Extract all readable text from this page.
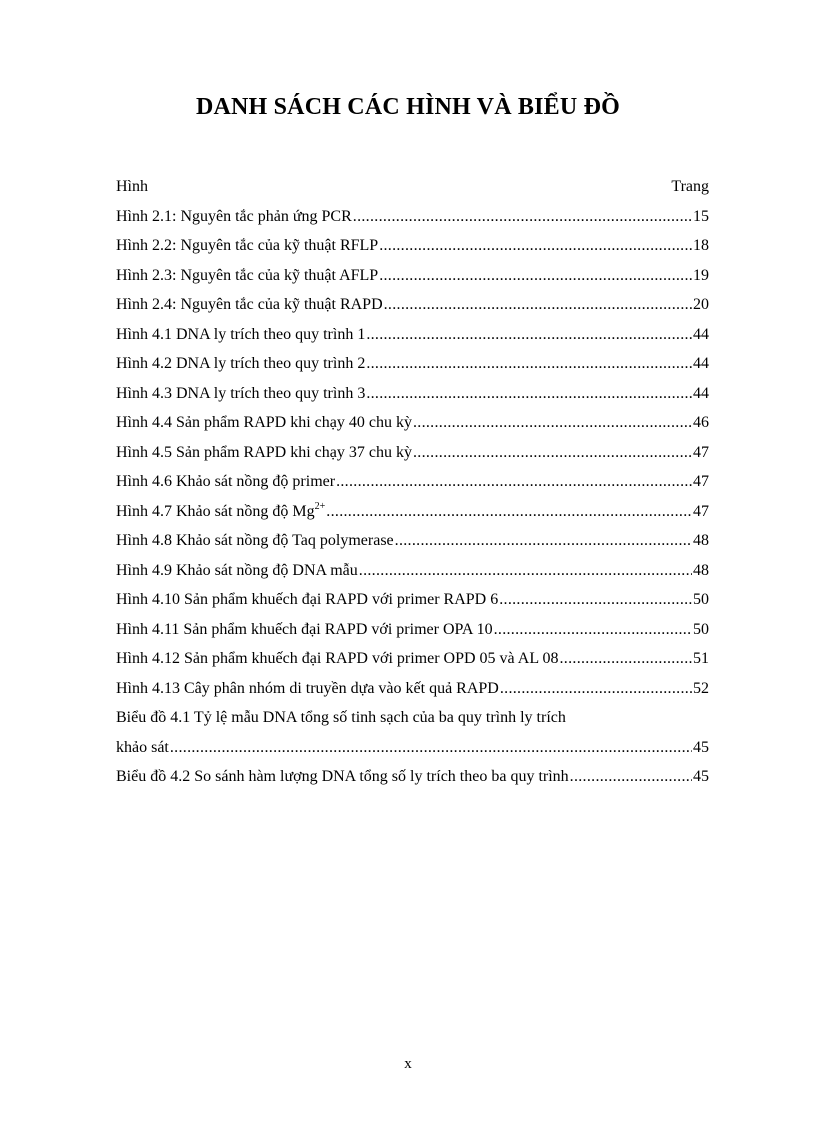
DANH SÁCH CÁC HÌNH VÀ BIỂU ĐỒ
Hình	Trang
Hình 2.1: Nguyên tắc phản ứng PCR .....	15
Hình 2.2: Nguyên tắc của kỹ thuật RFLP .....	18
Hình 2.3: Nguyên tắc của kỹ thuật AFLP .....	19
Hình 2.4: Nguyên tắc của kỹ thuật RAPD .....	20
Hình 4.1 DNA ly trích theo quy trình 1 .....	44
Hình 4.2 DNA ly trích theo quy trình 2 .....	44
Hình 4.3 DNA ly trích theo quy trình 3 .....	44
Hình 4.4 Sản phẩm RAPD khi chạy 40 chu kỳ .....	46
Hình 4.5 Sản phẩm RAPD khi chạy 37 chu kỳ .....	47
Hình 4.6 Khảo sát nồng độ primer .....	47
Hình 4.7 Khảo sát nồng độ $Mg^{2+}$ .....	47
Hình 4.8 Khảo sát nồng độ Taq polymerase .....	48
Hình 4.9 Khảo sát nồng độ DNA mẫu .....	48
Hình 4.10 Sản phẩm khuếch đại RAPD với primer RAPD 6 .....	50
Hình 4.11 Sản phẩm khuếch đại RAPD với primer OPA 10 .....	50
Hình 4.12 Sản phẩm khuếch đại RAPD với primer OPD 05 và AL 08 .....	51
Hình 4.13 Cây phân nhóm di truyền dựa vào kết quả RAPD .....	52
Biểu đồ 4.1 Tỷ lệ mẫu DNA tổng số tinh sạch của ba quy trình ly trích
khảo sát .....	45
Biểu đồ 4.2 So sánh hàm lượng DNA tổng số ly trích theo ba quy trình .....	45
x
